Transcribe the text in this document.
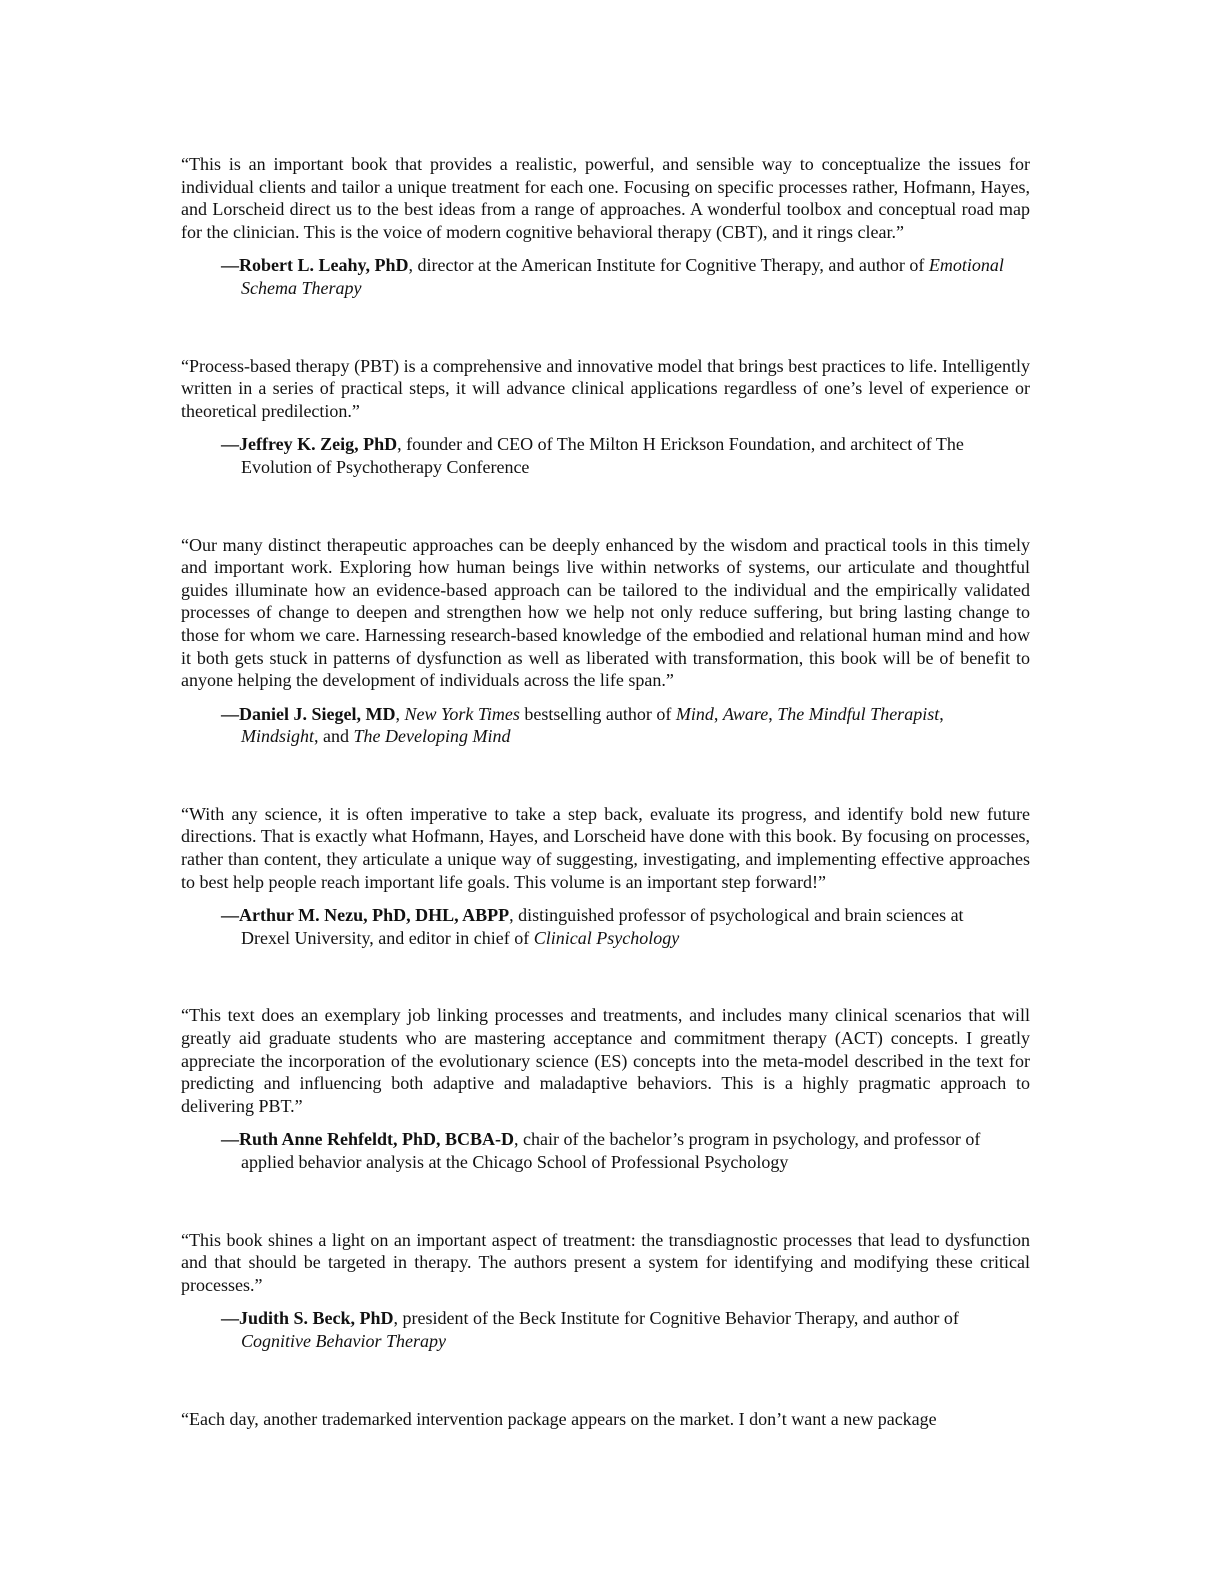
“This is an important book that provides a realistic, powerful, and sensible way to conceptualize the issues for individual clients and tailor a unique treatment for each one. Focusing on specific processes rather, Hofmann, Hayes, and Lorscheid direct us to the best ideas from a range of approaches. A wonderful toolbox and conceptual road map for the clinician. This is the voice of modern cognitive behavioral therapy (CBT), and it rings clear.”

—Robert L. Leahy, PhD, director at the American Institute for Cognitive Therapy, and author of Emotional Schema Therapy

“Process-based therapy (PBT) is a comprehensive and innovative model that brings best practices to life. Intelligently written in a series of practical steps, it will advance clinical applications regardless of one’s level of experience or theoretical predilection.”

—Jeffrey K. Zeig, PhD, founder and CEO of The Milton H Erickson Foundation, and architect of The Evolution of Psychotherapy Conference

“Our many distinct therapeutic approaches can be deeply enhanced by the wisdom and practical tools in this timely and important work. Exploring how human beings live within networks of systems, our articulate and thoughtful guides illuminate how an evidence-based approach can be tailored to the individual and the empirically validated processes of change to deepen and strengthen how we help not only reduce suffering, but bring lasting change to those for whom we care. Harnessing research-based knowledge of the embodied and relational human mind and how it both gets stuck in patterns of dysfunction as well as liberated with transformation, this book will be of benefit to anyone helping the development of individuals across the life span.”

—Daniel J. Siegel, MD, New York Times bestselling author of Mind, Aware, The Mindful Therapist, Mindsight, and The Developing Mind

“With any science, it is often imperative to take a step back, evaluate its progress, and identify bold new future directions. That is exactly what Hofmann, Hayes, and Lorscheid have done with this book. By focusing on processes, rather than content, they articulate a unique way of suggesting, investigating, and implementing effective approaches to best help people reach important life goals. This volume is an important step forward!”

—Arthur M. Nezu, PhD, DHL, ABPP, distinguished professor of psychological and brain sciences at Drexel University, and editor in chief of Clinical Psychology

“This text does an exemplary job linking processes and treatments, and includes many clinical scenarios that will greatly aid graduate students who are mastering acceptance and commitment therapy (ACT) concepts. I greatly appreciate the incorporation of the evolutionary science (ES) concepts into the meta-model described in the text for predicting and influencing both adaptive and maladaptive behaviors. This is a highly pragmatic approach to delivering PBT.”

—Ruth Anne Rehfeldt, PhD, BCBA-D, chair of the bachelor’s program in psychology, and professor of applied behavior analysis at the Chicago School of Professional Psychology

“This book shines a light on an important aspect of treatment: the transdiagnostic processes that lead to dysfunction and that should be targeted in therapy. The authors present a system for identifying and modifying these critical processes.”

—Judith S. Beck, PhD, president of the Beck Institute for Cognitive Behavior Therapy, and author of Cognitive Behavior Therapy

“Each day, another trademarked intervention package appears on the market. I don’t want a new package
